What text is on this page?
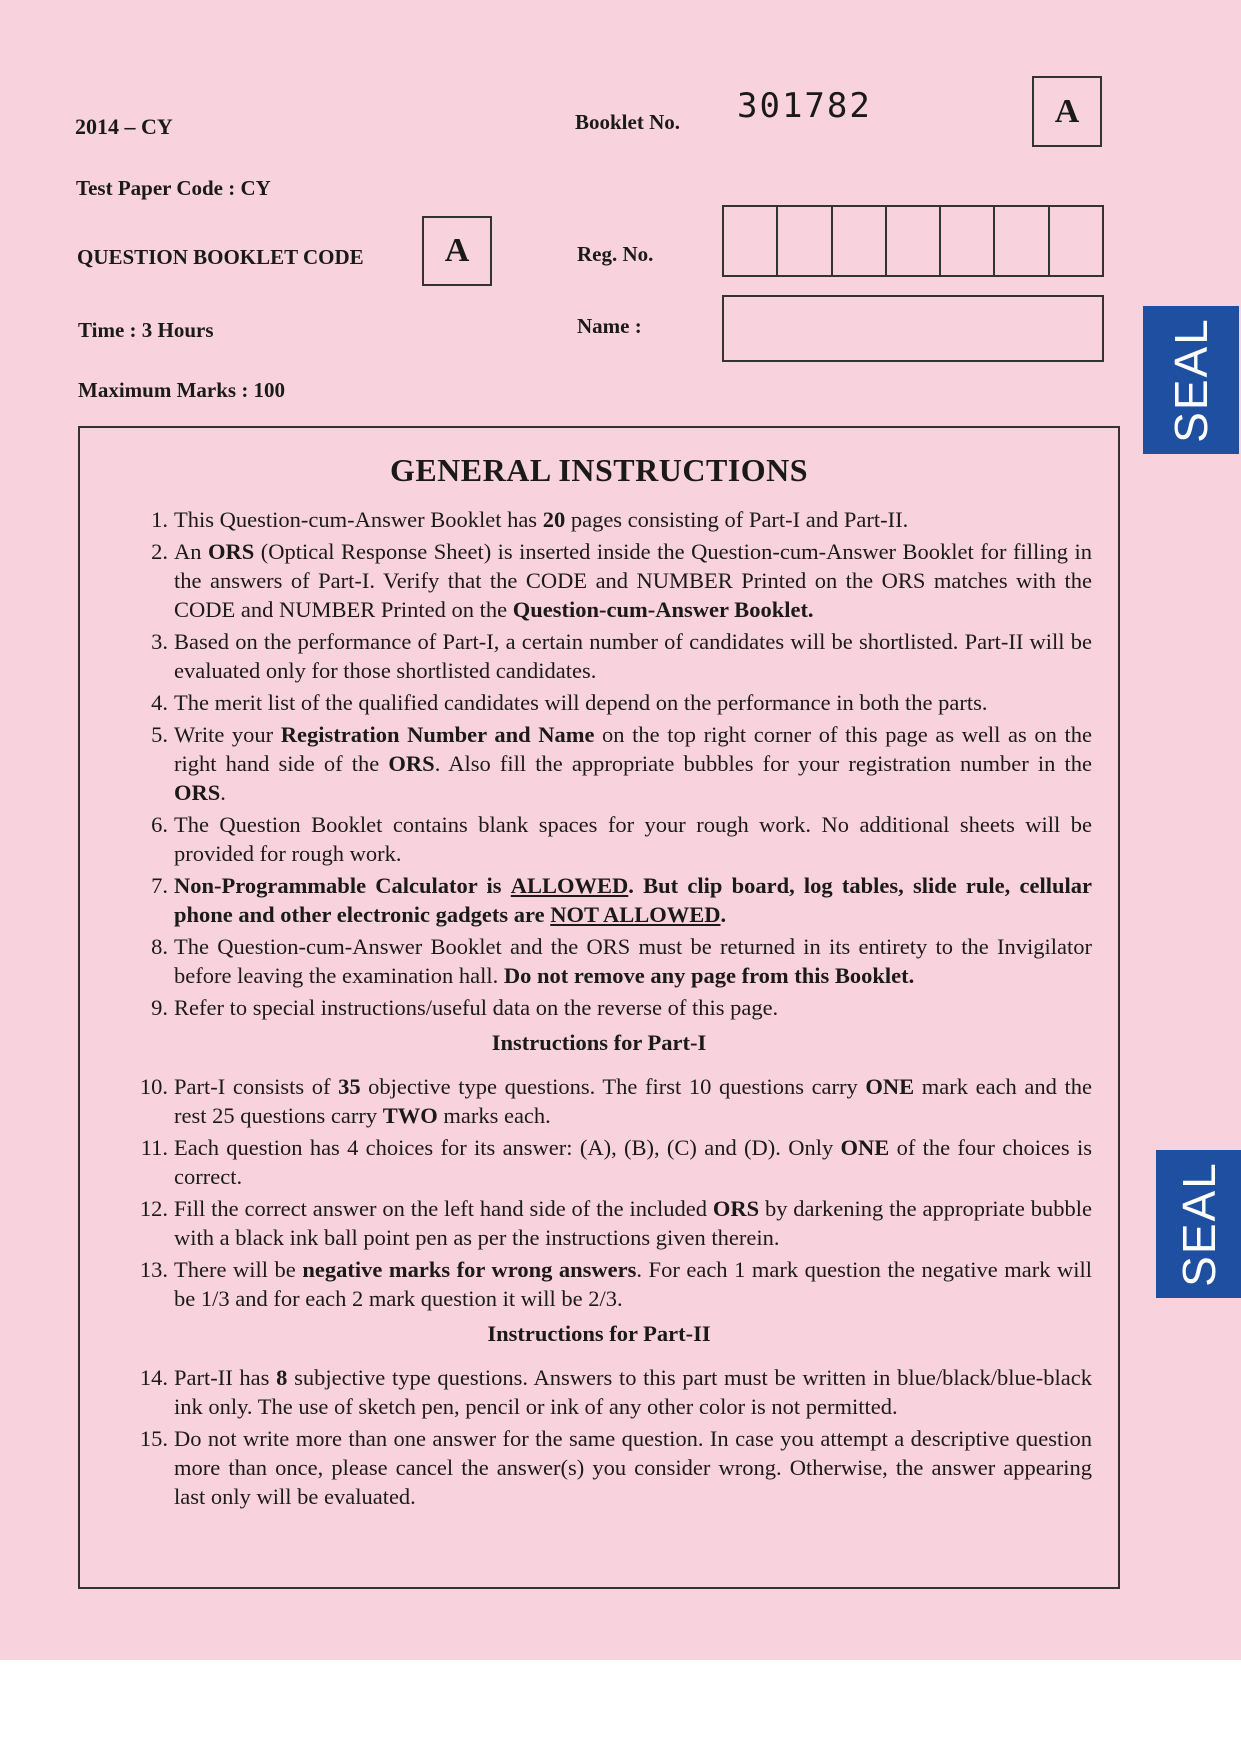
2014 – CY	Booklet No. 301782	A
Test Paper Code : CY
QUESTION BOOKLET CODE	A	Reg. No.
Time : 3 Hours	Name :
Maximum Marks : 100	SEAL
SEAL
GENERAL INSTRUCTIONS
1. This Question-cum-Answer Booklet has 20 pages consisting of Part-I and Part-II.
2. An ORS (Optical Response Sheet) is inserted inside the Question-cum-Answer Booklet for filling in the answers of Part-I. Verify that the CODE and NUMBER Printed on the ORS matches with the CODE and NUMBER Printed on the Question-cum-Answer Booklet.
3. Based on the performance of Part-I, a certain number of candidates will be shortlisted. Part-II will be evaluated only for those shortlisted candidates.
4. The merit list of the qualified candidates will depend on the performance in both the parts.
5. Write your Registration Number and Name on the top right corner of this page as well as on the right hand side of the ORS. Also fill the appropriate bubbles for your registration number in the ORS.
6. The Question Booklet contains blank spaces for your rough work. No additional sheets will be provided for rough work.
7. Non-Programmable Calculator is ALLOWED. But clip board, log tables, slide rule, cellular phone and other electronic gadgets are NOT ALLOWED.
8. The Question-cum-Answer Booklet and the ORS must be returned in its entirety to the Invigilator before leaving the examination hall. Do not remove any page from this Booklet.
9. Refer to special instructions/useful data on the reverse of this page.
Instructions for Part-I
10. Part-I consists of 35 objective type questions. The first 10 questions carry ONE mark each and the rest 25 questions carry TWO marks each.
11. Each question has 4 choices for its answer: (A), (B), (C) and (D). Only ONE of the four choices is correct.
12. Fill the correct answer on the left hand side of the included ORS by darkening the appropriate bubble with a black ink ball point pen as per the instructions given therein.
13. There will be negative marks for wrong answers. For each 1 mark question the negative mark will be 1/3 and for each 2 mark question it will be 2/3.
Instructions for Part-II
14. Part-II has 8 subjective type questions. Answers to this part must be written in blue/black/blue-black ink only. The use of sketch pen, pencil or ink of any other color is not permitted.
15. Do not write more than one answer for the same question. In case you attempt a descriptive question more than once, please cancel the answer(s) you consider wrong. Otherwise, the answer appearing last only will be evaluated.
